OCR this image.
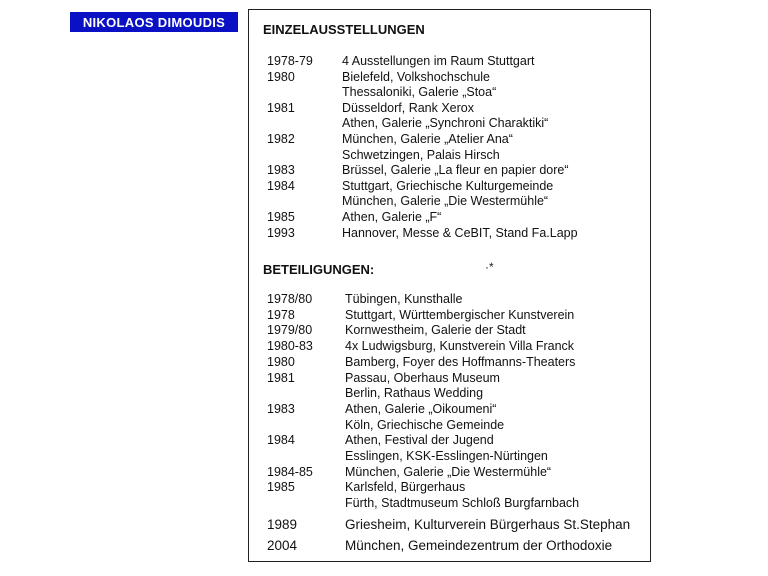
NIKOLAOS DIMOUDIS	EINZELAUSSTELLUNGEN
1978-79 4 Ausstellungen im Raum Stuttgart
1980	Bielefeld, Volkshochschule
Thessaloniki, Galerie „Stoa“
1981	Düsseldorf, Rank Xerox
Athen, Galerie „Synchroni Charaktiki“
1982	München, Galerie „Atelier Ana“
Schwetzingen, Palais Hirsch
1983	Brüssel, Galerie „La fleur en papier dore“
1984	Stuttgart, Griechische Kulturgemeinde
München, Galerie „Die Westermühle“
1985	Athen, Galerie „F“
1993	Hannover, Messe & CeBIT, Stand Fa.Lapp
BETEILIGUNGEN:	·*
1978/80	Tübingen, Kunsthalle
1978	Stuttgart, Württembergischer Kunstverein
1979/80	Kornwestheim, Galerie der Stadt
1980-83	4x Ludwigsburg, Kunstverein Villa Franck
1980	Bamberg, Foyer des Hoffmanns-Theaters
1981	Passau, Oberhaus Museum
Berlin, Rathaus Wedding
1983	Athen, Galerie „Oikoumeni“
Köln, Griechische Gemeinde
1984	Athen, Festival der Jugend
Esslingen, KSK-Esslingen-Nürtingen
1984-85	München, Galerie „Die Westermühle“
1985	Karlsfeld, Bürgerhaus
Fürth, Stadtmuseum Schloß Burgfarnbach
1989	Griesheim, Kulturverein Bürgerhaus St.Stephan
2004	München, Gemeindezentrum der Orthodoxie
